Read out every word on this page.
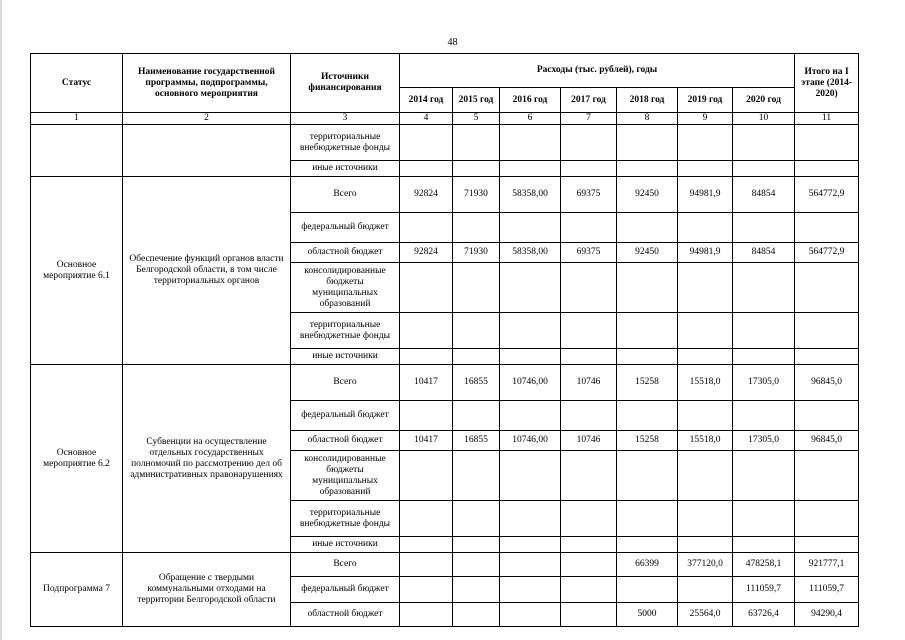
48
Статус	Наименование государственной программы, подпрограммы, основного мероприятия	Источники финансирования	Расходы (тыс. рублей), годы							Итого на I этапе (2014-2020)
			2014 год	2015 год	2016 год	2017 год	2018 год	2019 год	2020 год	
1	2	3	4	5	6	7	8	9	10	11
		территориальные внебюджетные фонды								
		иные источники								
Основное мероприятие 6.1	Обеспечение функций органов власти Белгородской области, в том числе территориальных органов	Всего	92824	71930	58358,00	69375	92450	94981,9	84854	564772,9
		федеральный бюджет								
		областной бюджет	92824	71930	58358,00	69375	92450	94981,9	84854	564772,9
		консолидированные бюджеты муниципальных образований								
		территориальные внебюджетные фонды								
		иные источники								
Основное мероприятие 6.2	Субвенции на осуществление отдельных государственных полномочий по рассмотрению дел об административных правонарушениях	Всего	10417	16855	10746,00	10746	15258	15518,0	17305,0	96845,0
		федеральный бюджет								
		областной бюджет	10417	16855	10746,00	10746	15258	15518,0	17305,0	96845,0
		консолидированные бюджеты муниципальных образований								
		территориальные внебюджетные фонды								
		иные источники								
Подпрограмма 7	Обращение с твердыми коммунальными отходами на территории Белгородской области	Всего					66399	377120,0	478258,1	921777,1
		федеральный бюджет							111059,7	111059,7
		областной бюджет					5000	25564,0	63726,4	94290,4
